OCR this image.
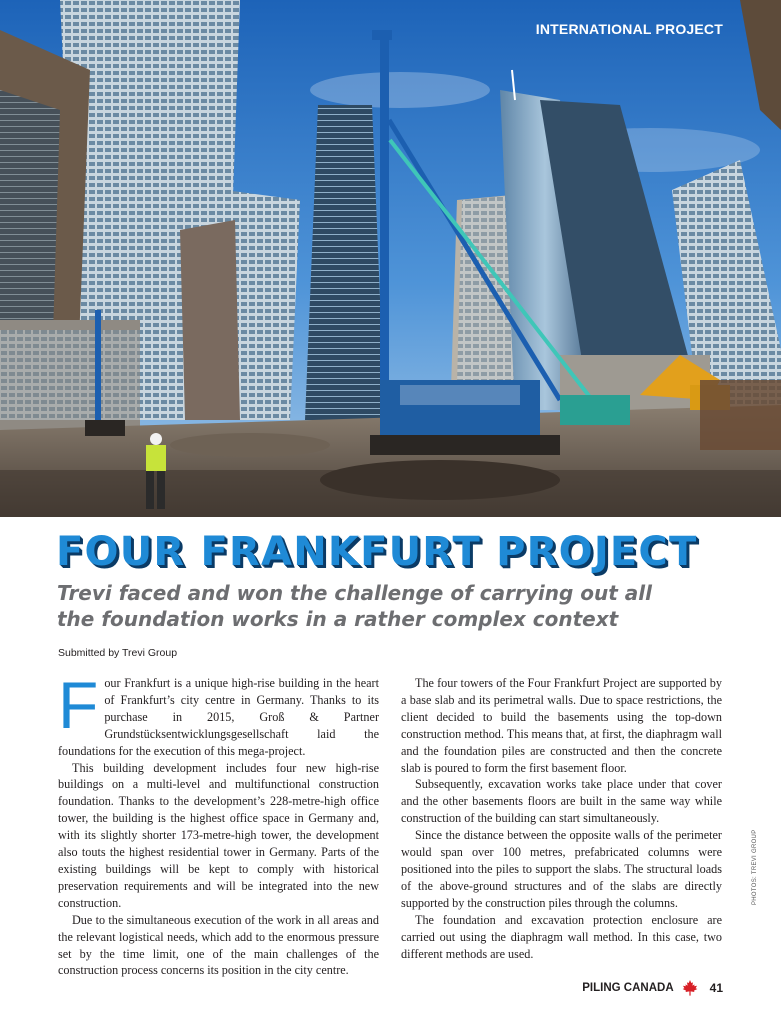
INTERNATIONAL PROJECT
FOUR FRANKFURT PROJECT
Trevi faced and won the challenge of carrying out all
the foundation works in a rather complex context
Submitted by Trevi Group

Four Frankfurt is a unique high-rise building in the heart of Frankfurt’s city centre in Germany. Thanks to its purchase in 2015, Groß & Partner Grundstücksentwicklungsgesellschaft laid the foundations for the execution of this mega-project.

This building development includes four new high-rise buildings on a multi-level and multifunctional construction foundation. Thanks to the development’s 228-metre-high office tower, the building is the highest office space in Germany and, with its slightly shorter 173-metre-high tower, the development also touts the highest residential tower in Germany. Parts of the existing buildings will be kept to comply with historical preservation requirements and will be integrated into the new construction.

Due to the simultaneous execution of the work in all areas and the relevant logistical needs, which add to the enormous pressure set by the time limit, one of the main challenges of the construction process concerns its position in the city centre.

The four towers of the Four Frankfurt Project are supported by a base slab and its perimetral walls. Due to space restrictions, the client decided to build the basements using the top-down construction method. This means that, at first, the diaphragm wall and the foundation piles are constructed and then the concrete slab is poured to form the first basement floor.

Subsequently, excavation works take place under that cover and the other basements floors are built in the same way while construction of the building can start simultaneously.

Since the distance between the opposite walls of the perimeter would span over 100 metres, prefabricated columns were positioned into the piles to support the slabs. The structural loads of the above-ground structures and of the slabs are directly supported by the construction piles through the columns.

The foundation and excavation protection enclosure are carried out using the diaphragm wall method. In this case, two different methods are used.

PHOTOS: TREVI GROUP
PILING CANADA	41
